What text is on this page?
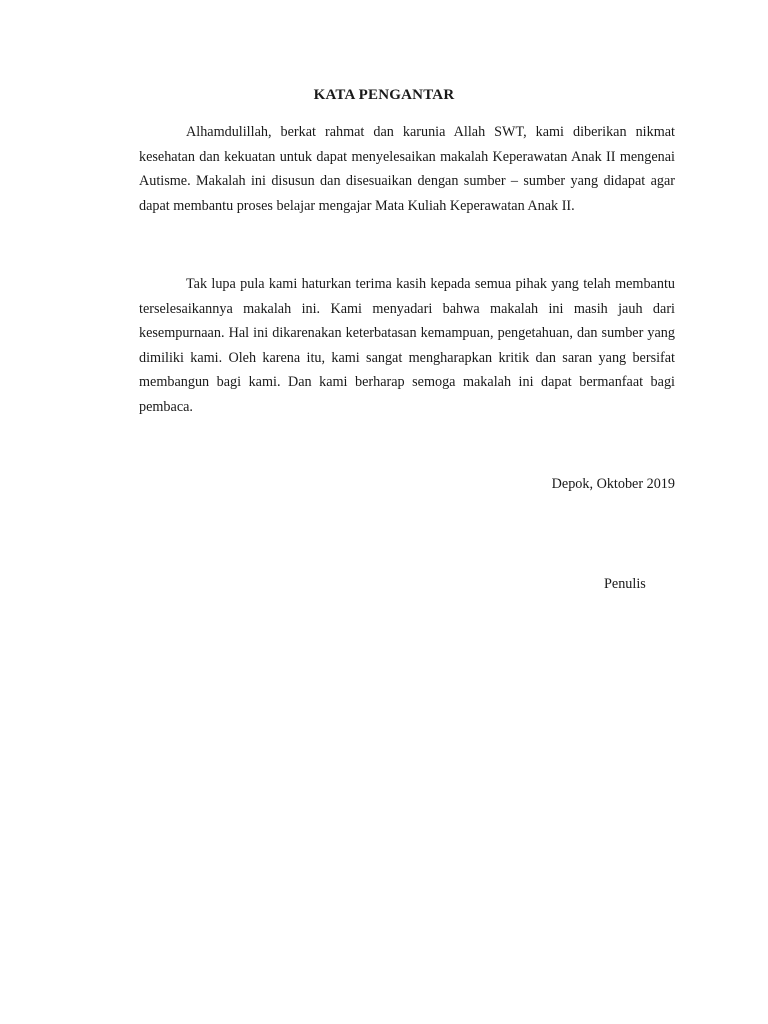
KATA PENGANTAR

Alhamdulillah, berkat rahmat dan karunia Allah SWT, kami diberikan nikmat kesehatan dan kekuatan untuk dapat menyelesaikan makalah Keperawatan Anak II mengenai Autisme. Makalah ini disusun dan disesuaikan dengan sumber – sumber yang didapat agar dapat membantu proses belajar mengajar Mata Kuliah Keperawatan Anak II.

Tak lupa pula kami haturkan terima kasih kepada semua pihak yang telah membantu terselesaikannya makalah ini. Kami menyadari bahwa makalah ini masih jauh dari kesempurnaan. Hal ini dikarenakan keterbatasan kemampuan, pengetahuan, dan sumber yang dimiliki kami. Oleh karena itu, kami sangat mengharapkan kritik dan saran yang bersifat membangun bagi kami. Dan kami berharap semoga makalah ini dapat bermanfaat bagi pembaca.

Depok, Oktober 2019
Penulis
